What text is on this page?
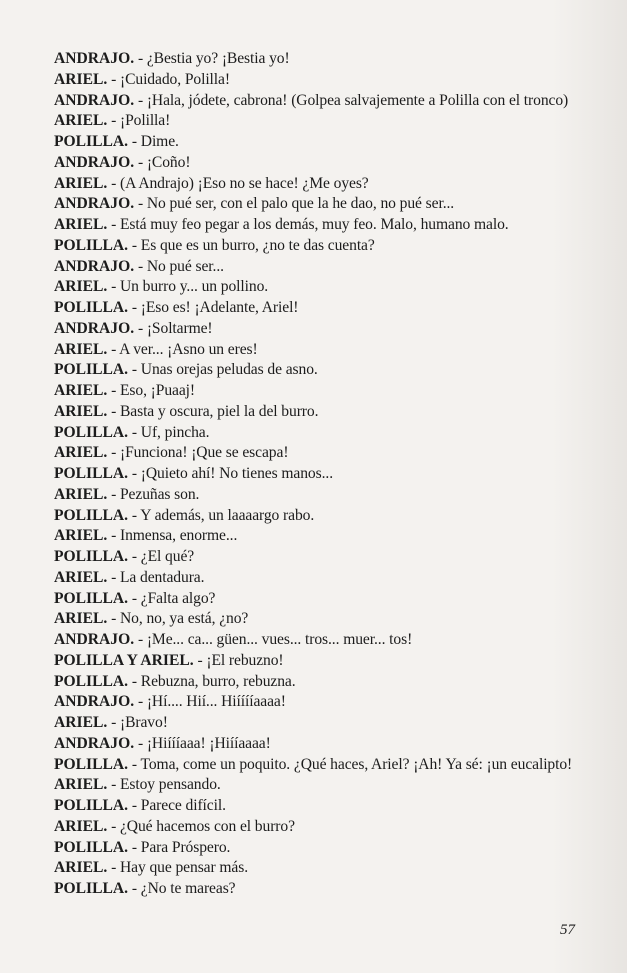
ANDRAJO. - ¿Bestia yo? ¡Bestia yo!
ARIEL. - ¡Cuidado, Polilla!
ANDRAJO. - ¡Hala, jódete, cabrona! (Golpea salvajemente a Polilla con el tronco)
ARIEL. - ¡Polilla!
POLILLA. - Dime.
ANDRAJO. - ¡Coño!
ARIEL. - (A Andrajo) ¡Eso no se hace! ¿Me oyes?
ANDRAJO. - No pué ser, con el palo que la he dao, no pué ser...
ARIEL. - Está muy feo pegar a los demás, muy feo. Malo, humano malo.
POLILLA. - Es que es un burro, ¿no te das cuenta?
ANDRAJO. - No pué ser...
ARIEL. - Un burro y... un pollino.
POLILLA. - ¡Eso es! ¡Adelante, Ariel!
ANDRAJO. - ¡Soltarme!
ARIEL. - A ver... ¡Asno un eres!
POLILLA. - Unas orejas peludas de asno.
ARIEL. - Eso, ¡Puaaj!
ARIEL. - Basta y oscura, piel la del burro.
POLILLA. - Uf, pincha.
ARIEL. - ¡Funciona! ¡Que se escapa!
POLILLA. - ¡Quieto ahí! No tienes manos...
ARIEL. - Pezuñas son.
POLILLA. - Y además, un laaaargo rabo.
ARIEL. - Inmensa, enorme...
POLILLA. - ¿El qué?
ARIEL. - La dentadura.
POLILLA. - ¿Falta algo?
ARIEL. - No, no, ya está, ¿no?
ANDRAJO. - ¡Me... ca... güen... vues... tros... muer... tos!
POLILLA Y ARIEL. - ¡El rebuzno!
POLILLA. - Rebuzna, burro, rebuzna.
ANDRAJO. - ¡Hí.... Hií... Hiííííaaaa!
ARIEL. - ¡Bravo!
ANDRAJO. - ¡Hiíííaaa! ¡Hiííaaaa!
POLILLA. - Toma, come un poquito. ¿Qué haces, Ariel? ¡Ah! Ya sé: ¡un eucalipto!
ARIEL. - Estoy pensando.
POLILLA. - Parece difícil.
ARIEL. - ¿Qué hacemos con el burro?
POLILLA. - Para Próspero.
ARIEL. - Hay que pensar más.
POLILLA. - ¿No te mareas?
57
